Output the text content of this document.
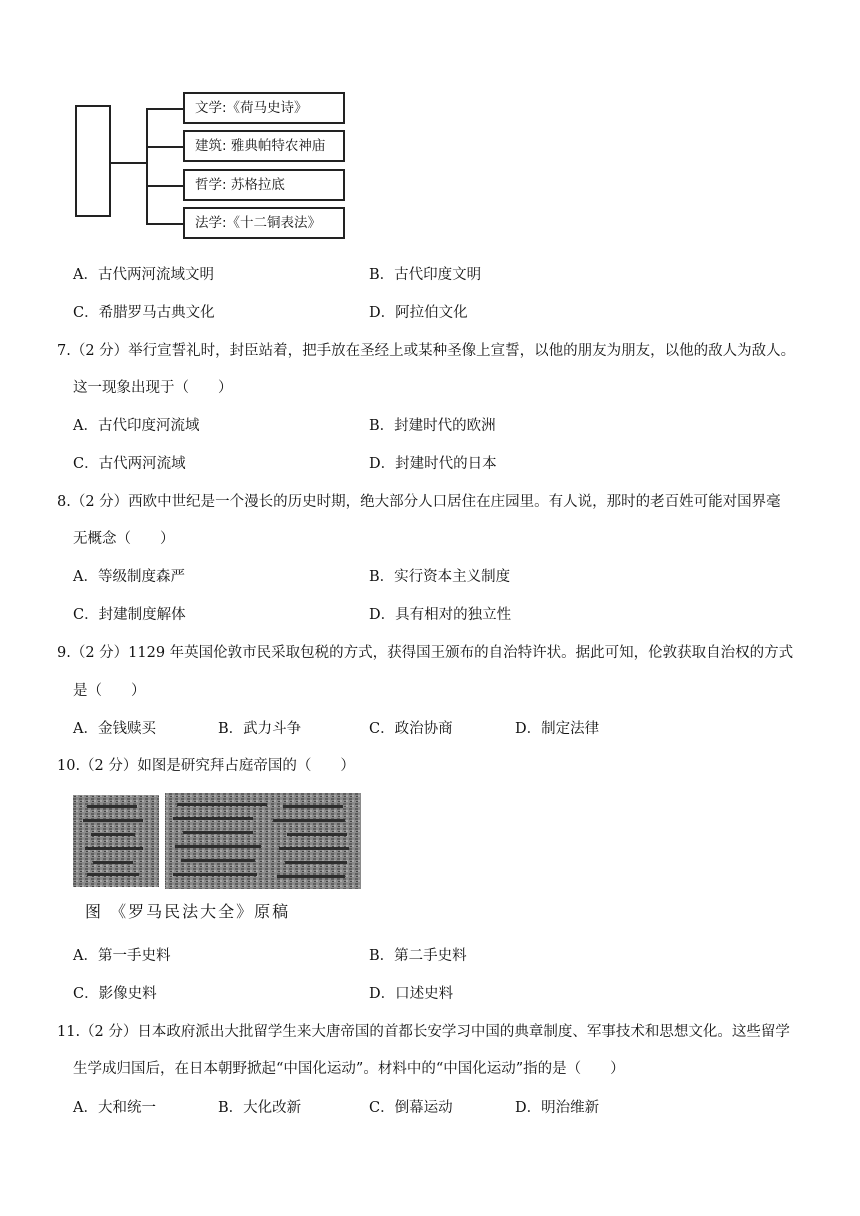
文学:《荷马史诗》
建筑: 雅典帕特农神庙
哲学: 苏格拉底
法学:《十二铜表法》
A．古代两河流域文明	B．古代印度文明
C．希腊罗马古典文化	D．阿拉伯文化
7.（2 分）举行宣誓礼时，封臣站着，把手放在圣经上或某种圣像上宣誓，以他的朋友为朋友，以他的敌人为敌人。
这一现象出现于（　　）
A．古代印度河流域	B．封建时代的欧洲
C．古代两河流域	D．封建时代的日本
8.（2 分）西欧中世纪是一个漫长的历史时期，绝大部分人口居住在庄园里。有人说，那时的老百姓可能对国界毫
无概念（　　）
A．等级制度森严	B．实行资本主义制度
C．封建制度解体	D．具有相对的独立性
9.（2 分）1129 年英国伦敦市民采取包税的方式，获得国王颁布的自治特许状。据此可知，伦敦获取自治权的方式
是（　　）
A．金钱赎买	B．武力斗争	C．政治协商	D．制定法律
10.（2 分）如图是研究拜占庭帝国的（　　）
图 《罗马民法大全》原稿
A．第一手史料	B．第二手史料
C．影像史料	D．口述史料
11.（2 分）日本政府派出大批留学生来大唐帝国的首都长安学习中国的典章制度、军事技术和思想文化。这些留学
生学成归国后，在日本朝野掀起“中国化运动”。材料中的“中国化运动”指的是（　　）
A．大和统一	B．大化改新	C．倒幕运动	D．明治维新
